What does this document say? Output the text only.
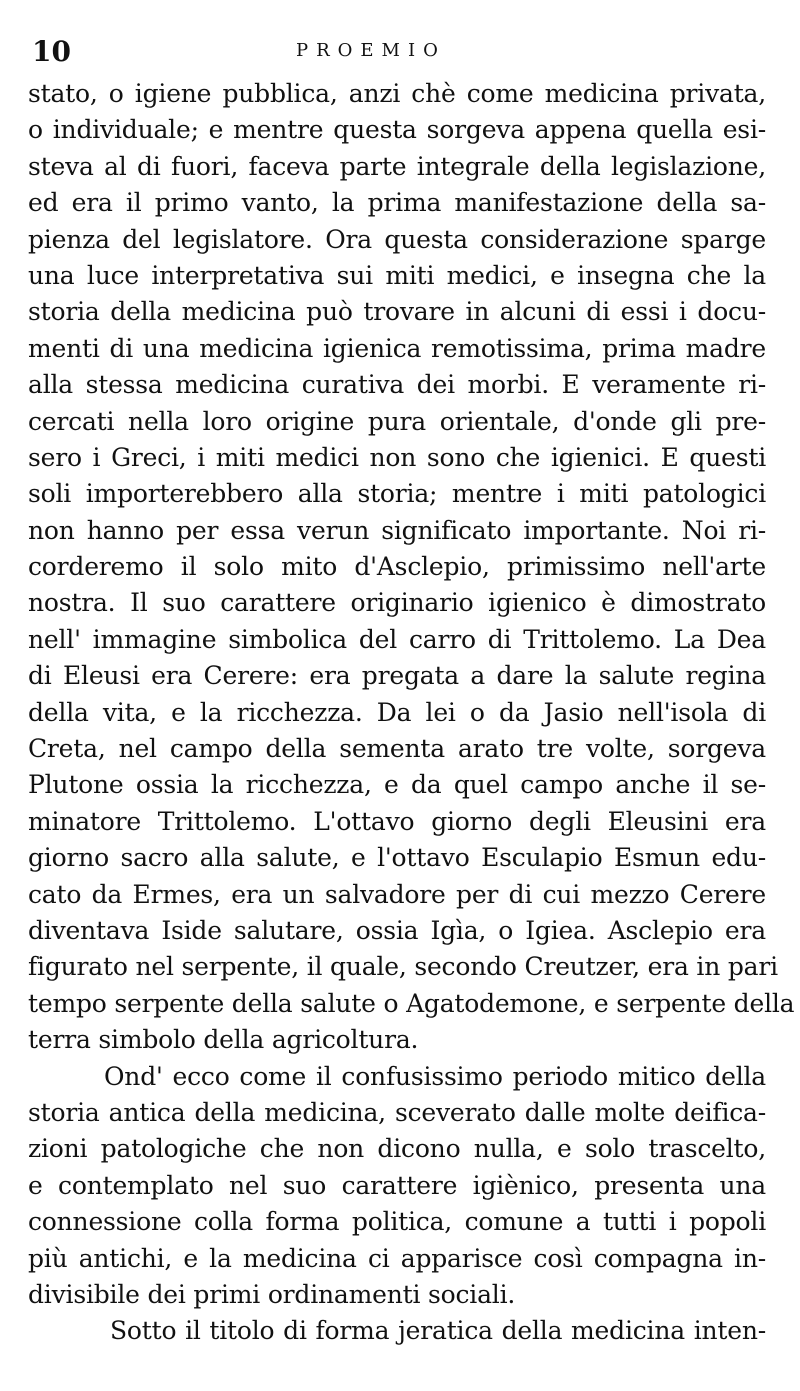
10	PROEMIO
stato, o igiene pubblica, anzi chè come medicina privata,
o individuale; e mentre questa sorgeva appena quella esi-
steva al di fuori, faceva parte integrale della legislazione,
ed era il primo vanto, la prima manifestazione della sa-
pienza del legislatore. Ora questa considerazione sparge
una luce interpretativa sui miti medici, e insegna che la
storia della medicina può trovare in alcuni di essi i docu-
menti di una medicina igienica remotissima, prima madre
alla stessa medicina curativa dei morbi. E veramente ri-
cercati nella loro origine pura orientale, d'onde gli pre-
sero i Greci, i miti medici non sono che igienici. E questi
soli importerebbero alla storia; mentre i miti patologici
non hanno per essa verun significato importante. Noi ri-
corderemo il solo mito d'Asclepio, primissimo nell'arte
nostra. Il suo carattere originario igienico è dimostrato
nell' immagine simbolica del carro di Trittolemo. La Dea
di Eleusi era Cerere: era pregata a dare la salute regina
della vita, e la ricchezza. Da lei o da Jasio nell'isola di
Creta, nel campo della sementa arato tre volte, sorgeva
Plutone ossia la ricchezza, e da quel campo anche il se-
minatore Trittolemo. L'ottavo giorno degli Eleusini era
giorno sacro alla salute, e l'ottavo Esculapio Esmun edu-
cato da Ermes, era un salvadore per di cui mezzo Cerere
diventava Iside salutare, ossia Igìa, o Igiea. Asclepio era
figurato nel serpente, il quale, secondo Creutzer, era in pari
tempo serpente della salute o Agatodemone, e serpente della
terra simbolo della agricoltura.
Ond' ecco come il confusissimo periodo mitico della
storia antica della medicina, sceverato dalle molte deifica-
zioni patologiche che non dicono nulla, e solo trascelto,
e contemplato nel suo carattere igiènico, presenta una
connessione colla forma politica, comune a tutti i popoli
più antichi, e la medicina ci apparisce così compagna in-
divisibile dei primi ordinamenti sociali.
Sotto il titolo di forma jeratica della medicina inten-
